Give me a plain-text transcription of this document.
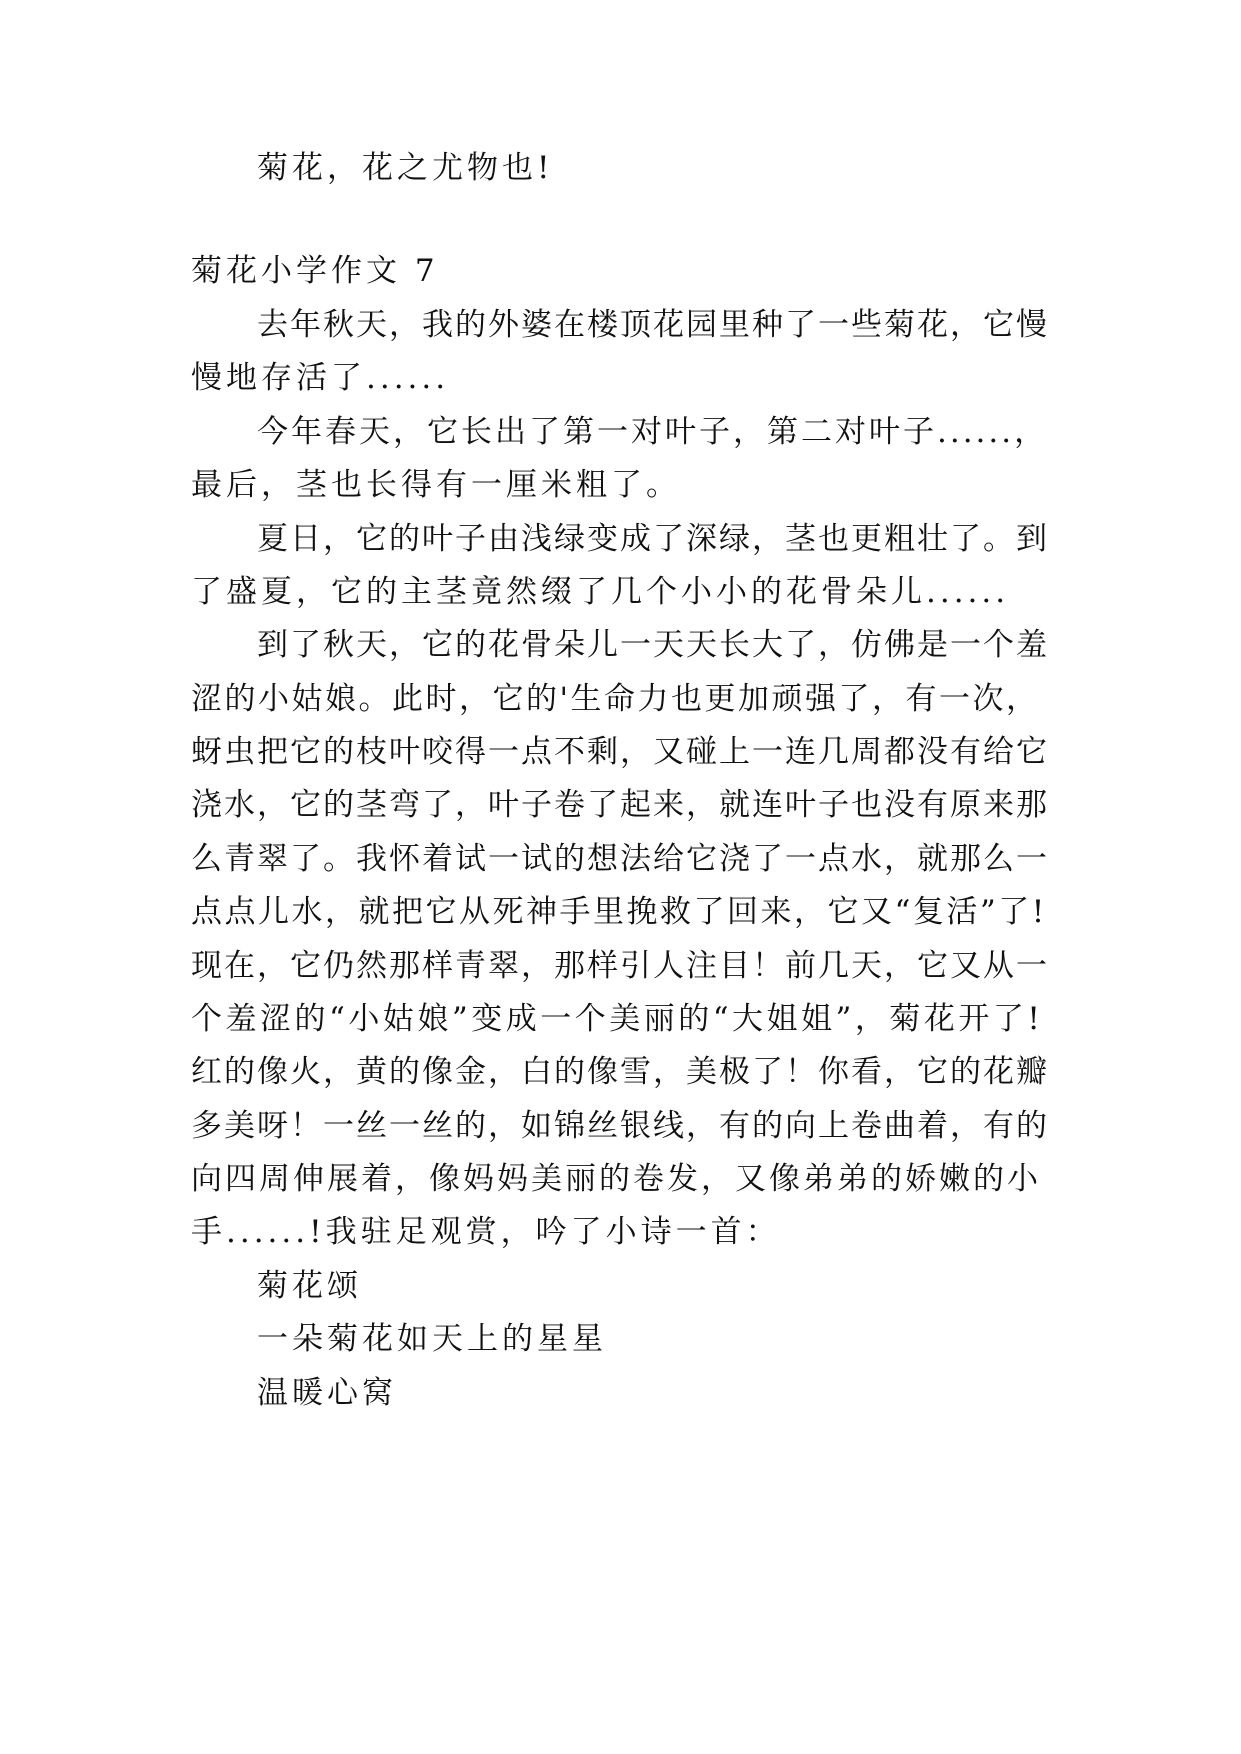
菊花，花之尤物也!
菊花小学作文 7
去年秋天，我的外婆在楼顶花园里种了一些菊花，它慢
慢地存活了......
今年春天，它长出了第一对叶子，第二对叶子......，
最后，茎也长得有一厘米粗了。
夏日，它的叶子由浅绿变成了深绿，茎也更粗壮了。到
了盛夏，它的主茎竟然缀了几个小小的花骨朵儿......
到了秋天，它的花骨朵儿一天天长大了，仿佛是一个羞
涩的小姑娘。此时，它的'生命力也更加顽强了，有一次，
蚜虫把它的枝叶咬得一点不剩，又碰上一连几周都没有给它
浇水，它的茎弯了，叶子卷了起来，就连叶子也没有原来那
么青翠了。我怀着试一试的想法给它浇了一点水，就那么一
点点儿水，就把它从死神手里挽救了回来，它又“复活”了!
现在，它仍然那样青翠，那样引人注目！前几天，它又从一
个羞涩的“小姑娘”变成一个美丽的“大姐姐”，菊花开了!
红的像火，黄的像金，白的像雪，美极了！你看，它的花瓣
多美呀！一丝一丝的，如锦丝银线，有的向上卷曲着，有的
向四周伸展着，像妈妈美丽的卷发，又像弟弟的娇嫩的小
手......!我驻足观赏，吟了小诗一首：
菊花颂
一朵菊花如天上的星星
温暖心窝
